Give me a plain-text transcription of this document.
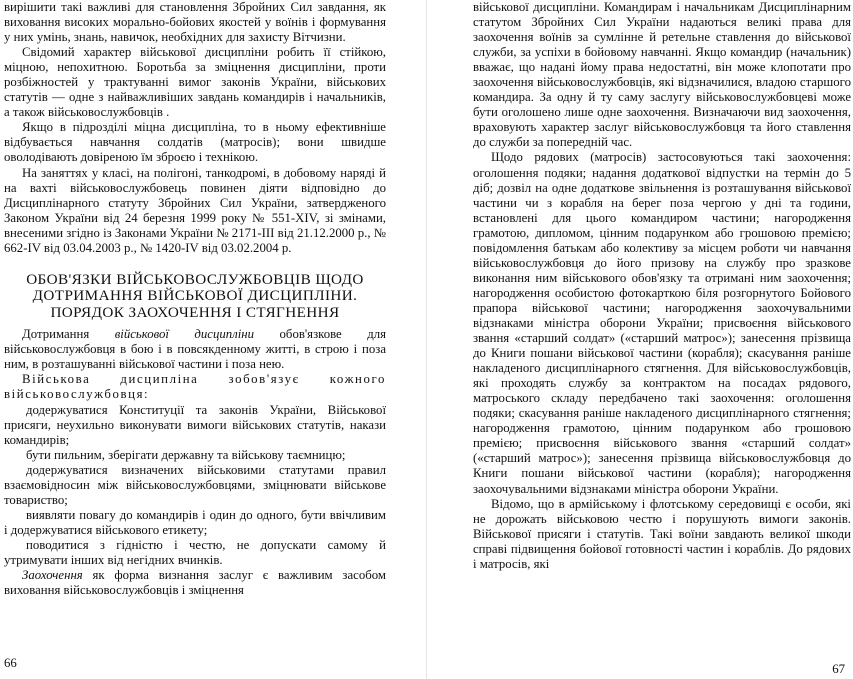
вирішити такі важливі для становлення Збройних Сил завдання, як виховання високих морально-бойових якостей у воїнів і формування у них умінь, знань, навичок, необхідних для захисту Вітчизни.

Свідомий характер військової дисципліни робить її стійкою, міцною, непохитною. Боротьба за зміцнення дисципліни, проти розбіжностей у трактуванні вимог законів України, військових статутів — одне з найважливіших завдань командирів і начальників, а також військовослужбовців .

Якщо в підрозділі міцна дисципліна, то в ньому ефективніше відбувається навчання солдатів (матросів); вони швидше оволодівають довіреною їм зброєю і технікою.

На заняттях у класі, на полігоні, танкодромі, в добовому наряді й на вахті військовослужбовець повинен діяти відповідно до Дисциплінарного статуту Збройних Сил України, затвердженого Законом України від 24 березня 1999 року № 551-ХIV, зі змінами, внесеними згідно із Законами України № 2171-III від 21.12.2000 р., № 662-IV від 03.04.2003 р., № 1420-IV від 03.02.2004 р.

ОБОВ'ЯЗКИ ВІЙСЬКОВОСЛУЖБОВЦІВ ЩОДО
ДОТРИМАННЯ ВІЙСЬКОВОЇ ДИСЦИПЛІНИ.
ПОРЯДОК ЗАОХОЧЕННЯ І СТЯГНЕННЯ

Дотримання військової дисципліни обов'язкове для військовослужбовця в бою і в повсякденному житті, в строю і поза ним, в розташуванні військової частини і поза нею.

Військова дисципліна зобов'язує кожного військовослужбовця:

додержуватися Конституції та законів України, Військової присяги, неухильно виконувати вимоги військових статутів, накази командирів;

бути пильним, зберігати державну та військову таємницю;

додержуватися визначених військовими статутами правил взаємовідносин між військовослужбовцями, зміцнювати військове товариство;

виявляти повагу до командирів і один до одного, бути ввічливим і додержуватися військового етикету;

поводитися з гідністю і честю, не допускати самому й утримувати інших від негідних вчинків.

Заохочення як форма визнання заслуг є важливим засобом виховання військовослужбовців і зміцнення

66

військової дисципліни. Командирам і начальникам Дисциплінарним статутом Збройних Сил України надаються великі права для заохочення воїнів за сумлінне й ретельне ставлення до військової служби, за успіхи в бойовому навчанні. Якщо командир (начальник) вважає, що надані йому права недостатні, він може клопотати про заохочення військовослужбовців, які відзначилися, владою старшого командира. За одну й ту саму заслугу військовослужбовцеві може бути оголошено лише одне заохочення. Визначаючи вид заохочення, враховують характер заслуг військовослужбовця та його ставлення до служби за попередній час.

Щодо рядових (матросів) застосовуються такі заохочення: оголошення подяки; надання додаткової відпустки на термін до 5 діб; дозвіл на одне додаткове звільнення із розташування військової частини чи з корабля на берег поза чергою у дні та години, встановлені для цього командиром частини; нагородження грамотою, дипломом, цінним подарунком або грошовою премією; повідомлення батькам або колективу за місцем роботи чи навчання військовослужбовця до його призову на службу про зразкове виконання ним військового обов'язку та отримані ним заохочення; нагородження особистою фотокарткою біля розгорнутого Бойового прапора військової частини; нагородження заохочувальними відзнаками міністра оборони України; присвоєння військового звання «старший солдат» («старший матрос»); занесення прізвища до Книги пошани військової частини (корабля); скасування раніше накладеного дисциплінарного стягнення. Для військовослужбовців, які проходять службу за контрактом на посадах рядового, матроського складу передбачено такі заохочення: оголошення подяки; скасування раніше накладеного дисциплінарного стягнення; нагородження грамотою, цінним подарунком або грошовою премією; присвоєння військового звання «старший солдат» («старший матрос»); занесення прізвища військовослужбовця до Книги пошани військової частини (корабля); нагородження заохочувальними відзнаками міністра оборони України.

Відомо, що в армійському і флотському середовищі є особи, які не дорожать військовою честю і порушують вимоги законів. Військової присяги і статутів. Такі воїни завдають великої шкоди справі підвищення бойової готовності частин і кораблів. До рядових і матросів, які

67
